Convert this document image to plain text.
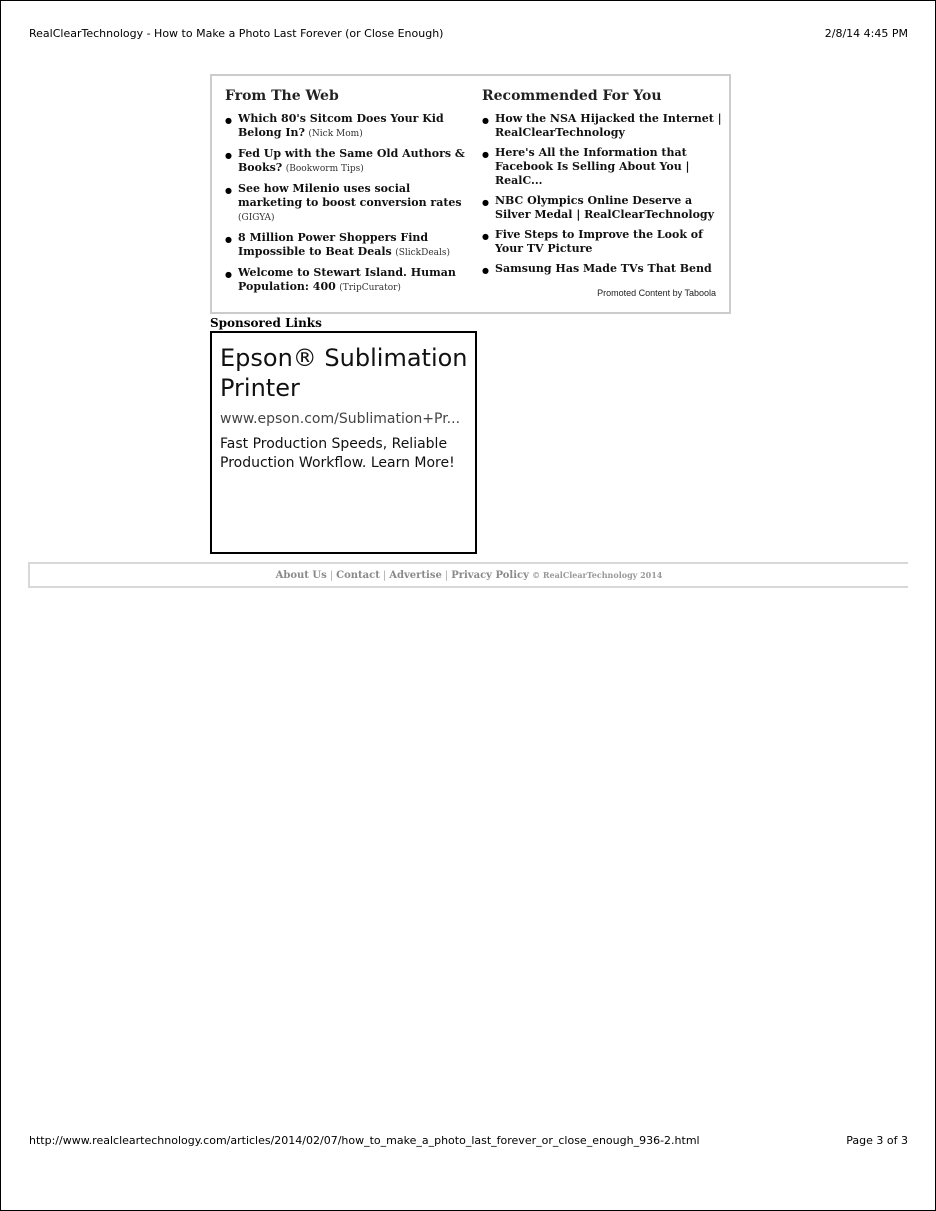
RealClearTechnology - How to Make a Photo Last Forever (or Close Enough)	2/8/14 4:45 PM
From The Web
● Which 80's Sitcom Does Your Kid Belong In? (Nick Mom)
● Fed Up with the Same Old Authors & Books? (Bookworm Tips)
● See how Milenio uses social marketing to boost conversion rates (GIGYA)
● 8 Million Power Shoppers Find Impossible to Beat Deals (SlickDeals)
● Welcome to Stewart Island. Human Population: 400 (TripCurator)
Recommended For You
● How the NSA Hijacked the Internet | RealClearTechnology
● Here's All the Information that Facebook Is Selling About You | RealC...
● NBC Olympics Online Deserve a Silver Medal | RealClearTechnology
● Five Steps to Improve the Look of Your TV Picture
● Samsung Has Made TVs That Bend
Promoted Content by Taboola
Sponsored Links
Epson® Sublimation Printer
www.epson.com/Sublimation+Pr...
Fast Production Speeds, Reliable Production Workflow. Learn More!
About Us | Contact | Advertise | Privacy Policy © RealClearTechnology 2014
http://www.realcleartechnology.com/articles/2014/02/07/how_to_make_a_photo_last_forever_or_close_enough_936-2.html	Page 3 of 3
